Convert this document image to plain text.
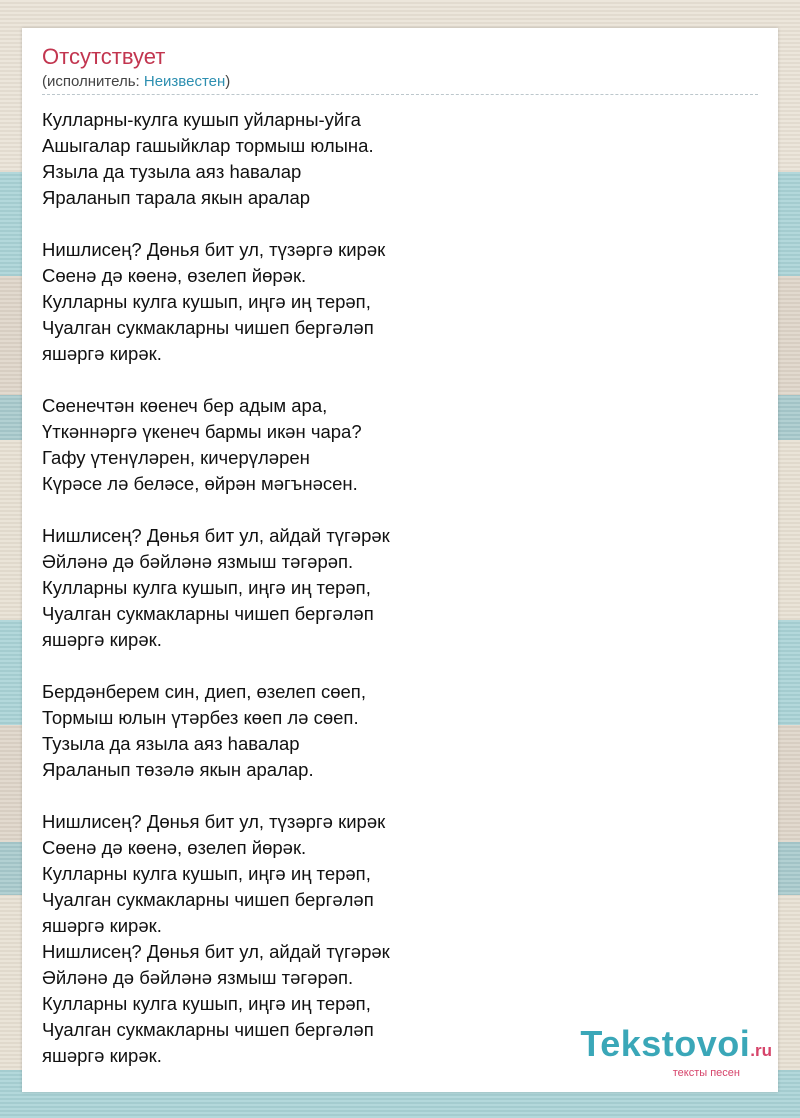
Отсутствует
(исполнитель: Неизвестен)
Кулларны-кулга кушып уйларны-уйга
Ашыгалар гашыйклар тормыш юлына.
Язылa да тузыла аяз һавалар
Яраланып тарала якын аралар
Нишлисең? Дөнья бит ул, түзәргә кирәк
Сөенә дә көенә, өзелеп йөрәк.
Кулларны кулга кушып, иңгә иң терәп,
Чуалган сукмакларны чишеп бергәләп
яшәргә кирәк.
Сөенечтән көенеч бер адым ара,
Үткәннәргә үкенеч бармы икән чара?
Гафу үтенүләрен, кичерүләрен
Күрәсе лә беләсе, өйрән мәгънәсен.
Нишлисең? Дөнья бит ул, айдай түгәрәк
Әйләнә дә бәйләнә язмыш тәгәрәп.
Кулларны кулга кушып, иңгә иң терәп,
Чуалган сукмакларны чишеп бергәләп
яшәргә кирәк.
Бердәнберем син, диеп, өзелеп сөеп,
Тормыш юлын үтәрбез көеп лә сөеп.
Тузыла да язылa аяз һавалар
Яраланып төзәлә якын аралар.
Нишлисең? Дөнья бит ул, түзәргә кирәк
Сөенә дә көенә, өзелеп йөрәк.
Кулларны кулга кушып, иңгә иң терәп,
Чуалган сукмакларны чишеп бергәләп
яшәргә кирәк.
Нишлисең? Дөнья бит ул, айдай түгәрәк
Әйләнә дә бәйләнә язмыш тәгәрәп.
Кулларны кулга кушып, иңгә иң терәп,
Чуалган сукмакларны чишеп бергәләп
яшәргә кирәк.	Tekstovoi.ru
тексты песен
